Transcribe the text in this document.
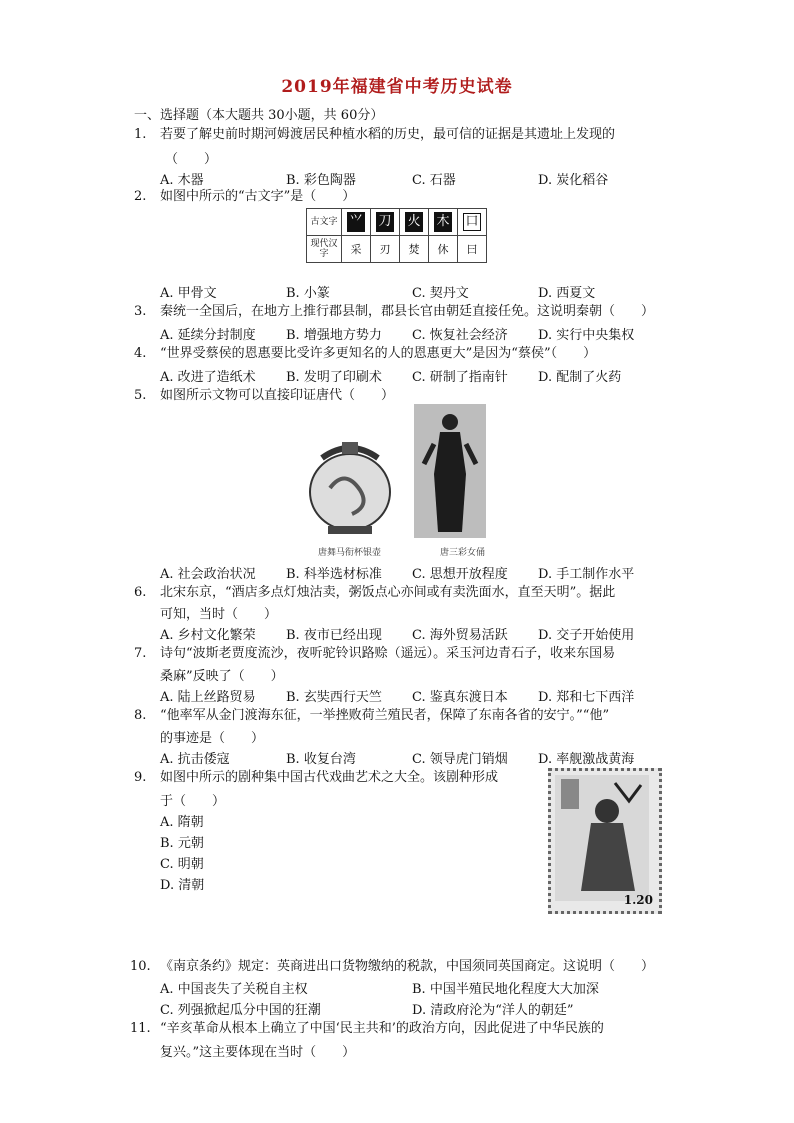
2019年福建省中考历史试卷
一、选择题（本大题共 30小题，共 60分）
1. 若要了解史前时期河姆渡居民种植水稻的历史，最可信的证据是其遗址上发现的
（　　）
A. 木器	B. 彩色陶器	C. 石器	D. 炭化稻谷
2. 如图中所示的“古文字”是（　　）
古文字	⺍	⼑	⽕	⽊	口
现代汉字	采	刃	焚	休	曰
A. 甲骨文	B. 小篆	C. 契丹文	D. 西夏文
3. 秦统一全国后，在地方上推行郡县制，郡县长官由朝廷直接任免。这说明秦朝（　　）
A. 延续分封制度 B. 增强地方势力 C. 恢复社会经济 D. 实行中央集权
4. “世界受蔡侯的恩惠要比受许多更知名的人的恩惠更大”是因为“蔡侯”（　　）
A. 改进了造纸术 B. 发明了印刷术 C. 研制了指南针 D. 配制了火药
5. 如图所示文物可以直接印证唐代（　　）
唐舞马衔杯银壶	唐三彩女俑
A. 社会政治状况 B. 科举选材标准 C. 思想开放程度 D. 手工制作水平
6. 北宋东京，“酒店多点灯烛沽卖，粥饭点心亦间或有卖洗面水，直至天明”。据此
可知，当时（　　）
A. 乡村文化繁荣 B. 夜市已经出现 C. 海外贸易活跃 D. 交子开始使用
7. 诗句“波斯老贾度流沙，夜听驼铃识路赊（遥远）。采玉河边青石子，收来东国易
桑麻”反映了（　　）
A. 陆上丝路贸易 B. 玄奘西行天竺 C. 鉴真东渡日本 D. 郑和七下西洋
8. “他率军从金门渡海东征，一举挫败荷兰殖民者，保障了东南各省的安宁。”“他”
的事迹是（　　）
A. 抗击倭寇	B. 收复台湾	C. 领导虎门销烟 D. 率舰激战黄海
9. 如图中所示的剧种集中国古代戏曲艺术之大全。该剧种形成
于（　　）
A. 隋朝
B. 元朝
C. 明朝
D. 清朝
1.20
10. 《南京条约》规定：英商进出口货物缴纳的税款，中国须同英国商定。这说明（　　）
A. 中国丧失了关税自主权	B. 中国半殖民地化程度大大加深
C. 列强掀起瓜分中国的狂潮	D. 清政府沦为“洋人的朝廷”
11. “辛亥革命从根本上确立了中国‘民主共和’的政治方向，因此促进了中华民族的
复兴。”这主要体现在当时（　　）
